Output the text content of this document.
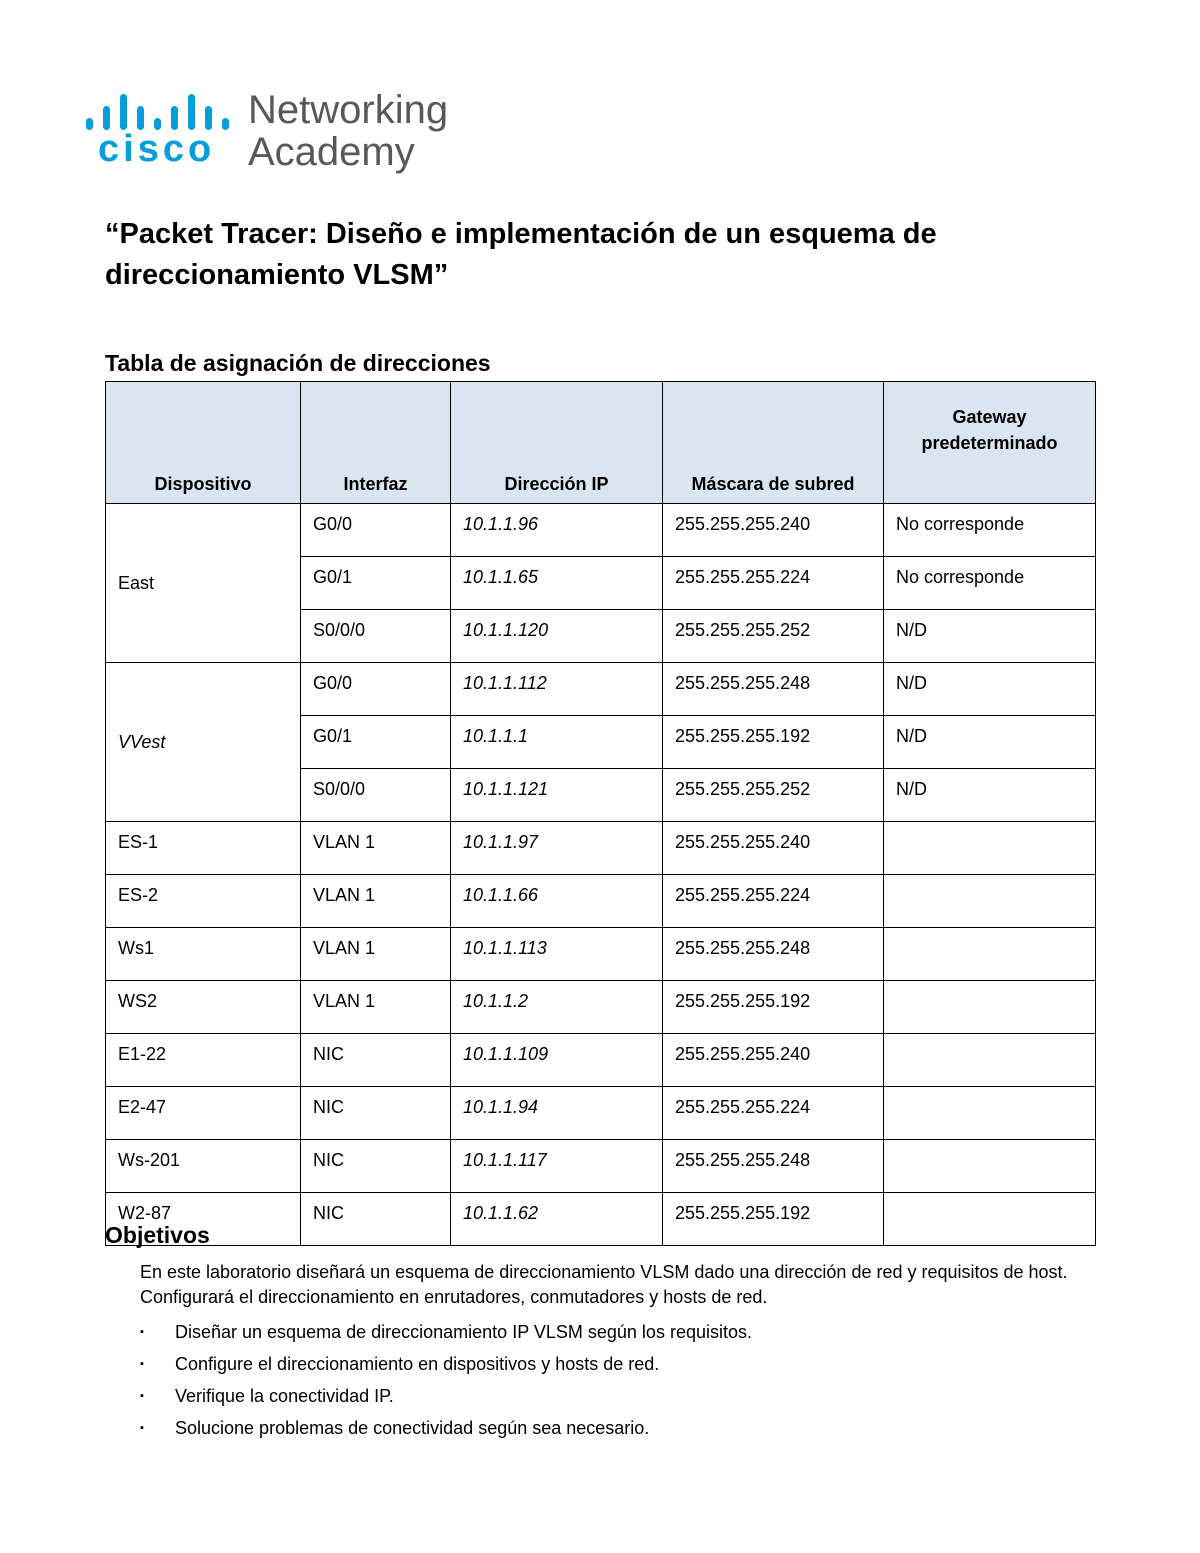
cisco
Networking
Academy
“Packet Tracer: Diseño e implementación de un esquema de direccionamiento VLSM”
Tabla de asignación de direcciones
Dispositivo	Interfaz	Dirección IP	Máscara de subred	Gateway predeterminado
East	G0/0	10.1.1.96	255.255.255.240	No corresponde
	G0/1	10.1.1.65	255.255.255.224	No corresponde
	S0/0/0	10.1.1.120	255.255.255.252	N/D
VVest	G0/0	10.1.1.112	255.255.255.248	N/D
	G0/1	10.1.1.1	255.255.255.192	N/D
	S0/0/0	10.1.1.121	255.255.255.252	N/D
ES-1	VLAN 1	10.1.1.97	255.255.255.240	
ES-2	VLAN 1	10.1.1.66	255.255.255.224	
Ws1	VLAN 1	10.1.1.113	255.255.255.248	
WS2	VLAN 1	10.1.1.2	255.255.255.192	
E1-22	NIC	10.1.1.109	255.255.255.240	
E2-47	NIC	10.1.1.94	255.255.255.224	
Ws-201	NIC	10.1.1.117	255.255.255.248	
W2-87	NIC	10.1.1.62	255.255.255.192	
Objetivos
En este laboratorio diseñará un esquema de direccionamiento VLSM dado una dirección de red y requisitos de host. Configurará el direccionamiento en enrutadores, conmutadores y hosts de red.
▪ Diseñar un esquema de direccionamiento IP VLSM según los requisitos.
▪ Configure el direccionamiento en dispositivos y hosts de red.
▪ Verifique la conectividad IP.
▪ Solucione problemas de conectividad según sea necesario.
